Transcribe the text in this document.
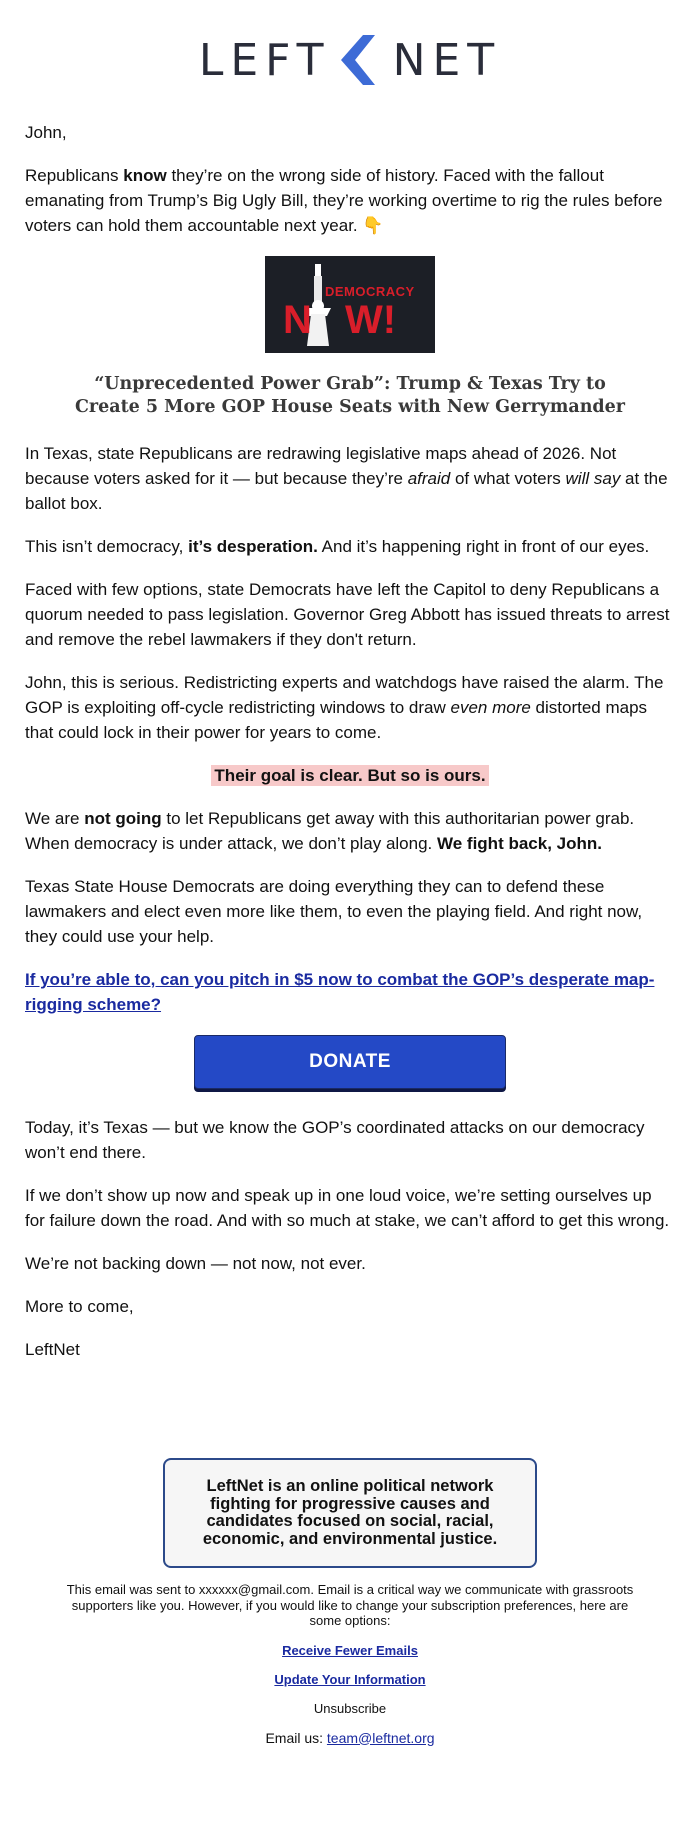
LEFT NET

John,

Republicans know they’re on the wrong side of history. Faced with the fallout emanating from Trump’s Big Ugly Bill, they’re working overtime to rig the rules before voters can hold them accountable next year. 👇

DEMOCRACY
N W!
“Unprecedented Power Grab”: Trump & Texas Try to
Create 5 More GOP House Seats with New Gerrymander

In Texas, state Republicans are redrawing legislative maps ahead of 2026. Not because voters asked for it — but because they’re afraid of what voters will say at the ballot box.

This isn’t democracy, it’s desperation. And it’s happening right in front of our eyes.

Faced with few options, state Democrats have left the Capitol to deny Republicans a quorum needed to pass legislation. Governor Greg Abbott has issued threats to arrest and remove the rebel lawmakers if they don't return.

John, this is serious. Redistricting experts and watchdogs have raised the alarm. The GOP is exploiting off-cycle redistricting windows to draw even more distorted maps that could lock in their power for years to come.

Their goal is clear. But so is ours.

We are not going to let Republicans get away with this authoritarian power grab. When democracy is under attack, we don’t play along. We fight back, John.

Texas State House Democrats are doing everything they can to defend these lawmakers and elect even more like them, to even the playing field. And right now, they could use your help.

If you’re able to, can you pitch in $5 now to combat the GOP’s desperate map-rigging scheme?

DONATE

Today, it’s Texas — but we know the GOP’s coordinated attacks on our democracy won’t end there.

If we don’t show up now and speak up in one loud voice, we’re setting ourselves up for failure down the road. And with so much at stake, we can’t afford to get this wrong.

We’re not backing down — not now, not ever.

More to come,

LeftNet

LeftNet is an online political network fighting for progressive causes and candidates focused on social, racial, economic, and environmental justice.
This email was sent to xxxxxx@gmail.com. Email is a critical way we communicate with grassroots supporters like you. However, if you would like to change your subscription preferences, here are some options:
Receive Fewer Emails
Update Your Information
Unsubscribe
Email us: team@leftnet.org
